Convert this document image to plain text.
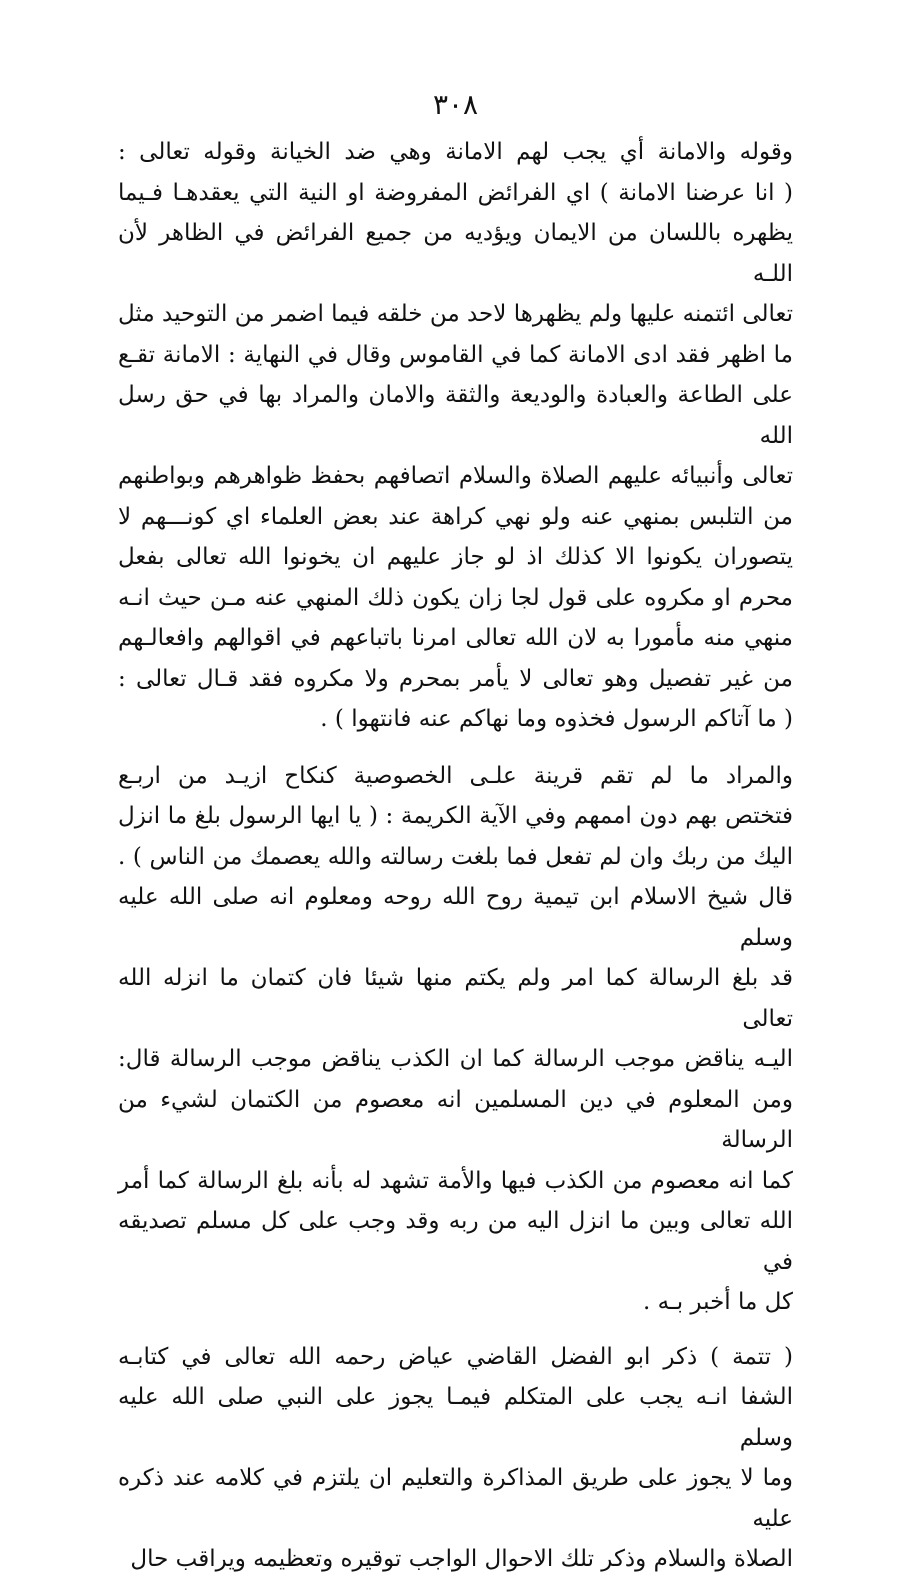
٣٠٨

وقوله والامانة أي يجب لهم الامانة وهي ضد الخيانة وقوله تعالى :
( انا عرضنا الامانة ) اي الفرائض المفروضة او النية التي يعقدهـا فـيما
يظهره باللسان من الايمان ويؤديه من جميع الفرائض في الظاهر لأن اللـه
تعالى ائتمنه عليها ولم يظهرها لاحد من خلقه فيما اضمر من التوحيد مثل
ما اظهر فقد ادى الامانة كما في القاموس وقال في النهاية : الامانة تقـع
على الطاعة والعبادة والوديعة والثقة والامان والمراد بها في حق رسل الله
تعالى وأنبيائه عليهم الصلاة والسلام اتصافهم بحفظ ظواهرهم وبواطنهم
من التلبس بمنهي عنه ولو نهي كراهة عند بعض العلماء اي كونـــهم لا
يتصوران يكونوا الا كذلك اذ لو جاز عليهم ان يخونوا الله تعالى بفعل
محرم او مكروه على قول لجا زان يكون ذلك المنهي عنه مـن حيث انـه
منهي منه مأمورا به لان الله تعالى امرنا باتباعهم في اقوالهم وافعالـهم
من غير تفصيل وهو تعالى لا يأمر بمحرم ولا مكروه فقد قـال تعالى :
( ما آتاكم الرسول فخذوه وما نهاكم عنه فانتهوا ) .

والمراد ما لم تقم قرينة علـى الخصوصية كنكاح ازيـد من اربـع
فتختص بهم دون اممهم وفي الآية الكريمة : ( يا ايها الرسول بلغ ما انزل
اليك من ربك وان لم تفعل فما بلغت رسالته والله يعصمك من الناس ) .
قال شيخ الاسلام ابن تيمية روح الله روحه ومعلوم انه صلى الله عليه وسلم
قد بلغ الرسالة كما امر ولم يكتم منها شيئا فان كتمان ما انزله الله تعالى
اليـه يناقض موجب الرسالة كما ان الكذب يناقض موجب الرسالة قال:
ومن المعلوم في دين المسلمين انه معصوم من الكتمان لشيء من الرسالة
كما انه معصوم من الكذب فيها والأمة تشهد له بأنه بلغ الرسالة كما أمر
الله تعالى وبين ما انزل اليه من ربه وقد وجب على كل مسلم تصديقه في
كل ما أخبر بـه .

( تتمة ) ذكر ابو الفضل القاضي عياض رحمه الله تعالى في كتابـه
الشفا انـه يجب على المتكلم فيمـا يجوز على النبي صلى الله عليه وسلم
وما لا يجوز على طريق المذاكرة والتعليم ان يلتزم في كلامه عند ذكره عليه
الصلاة والسلام وذكر تلك الاحوال الواجب توقيره وتعظيمه ويراقب حال
